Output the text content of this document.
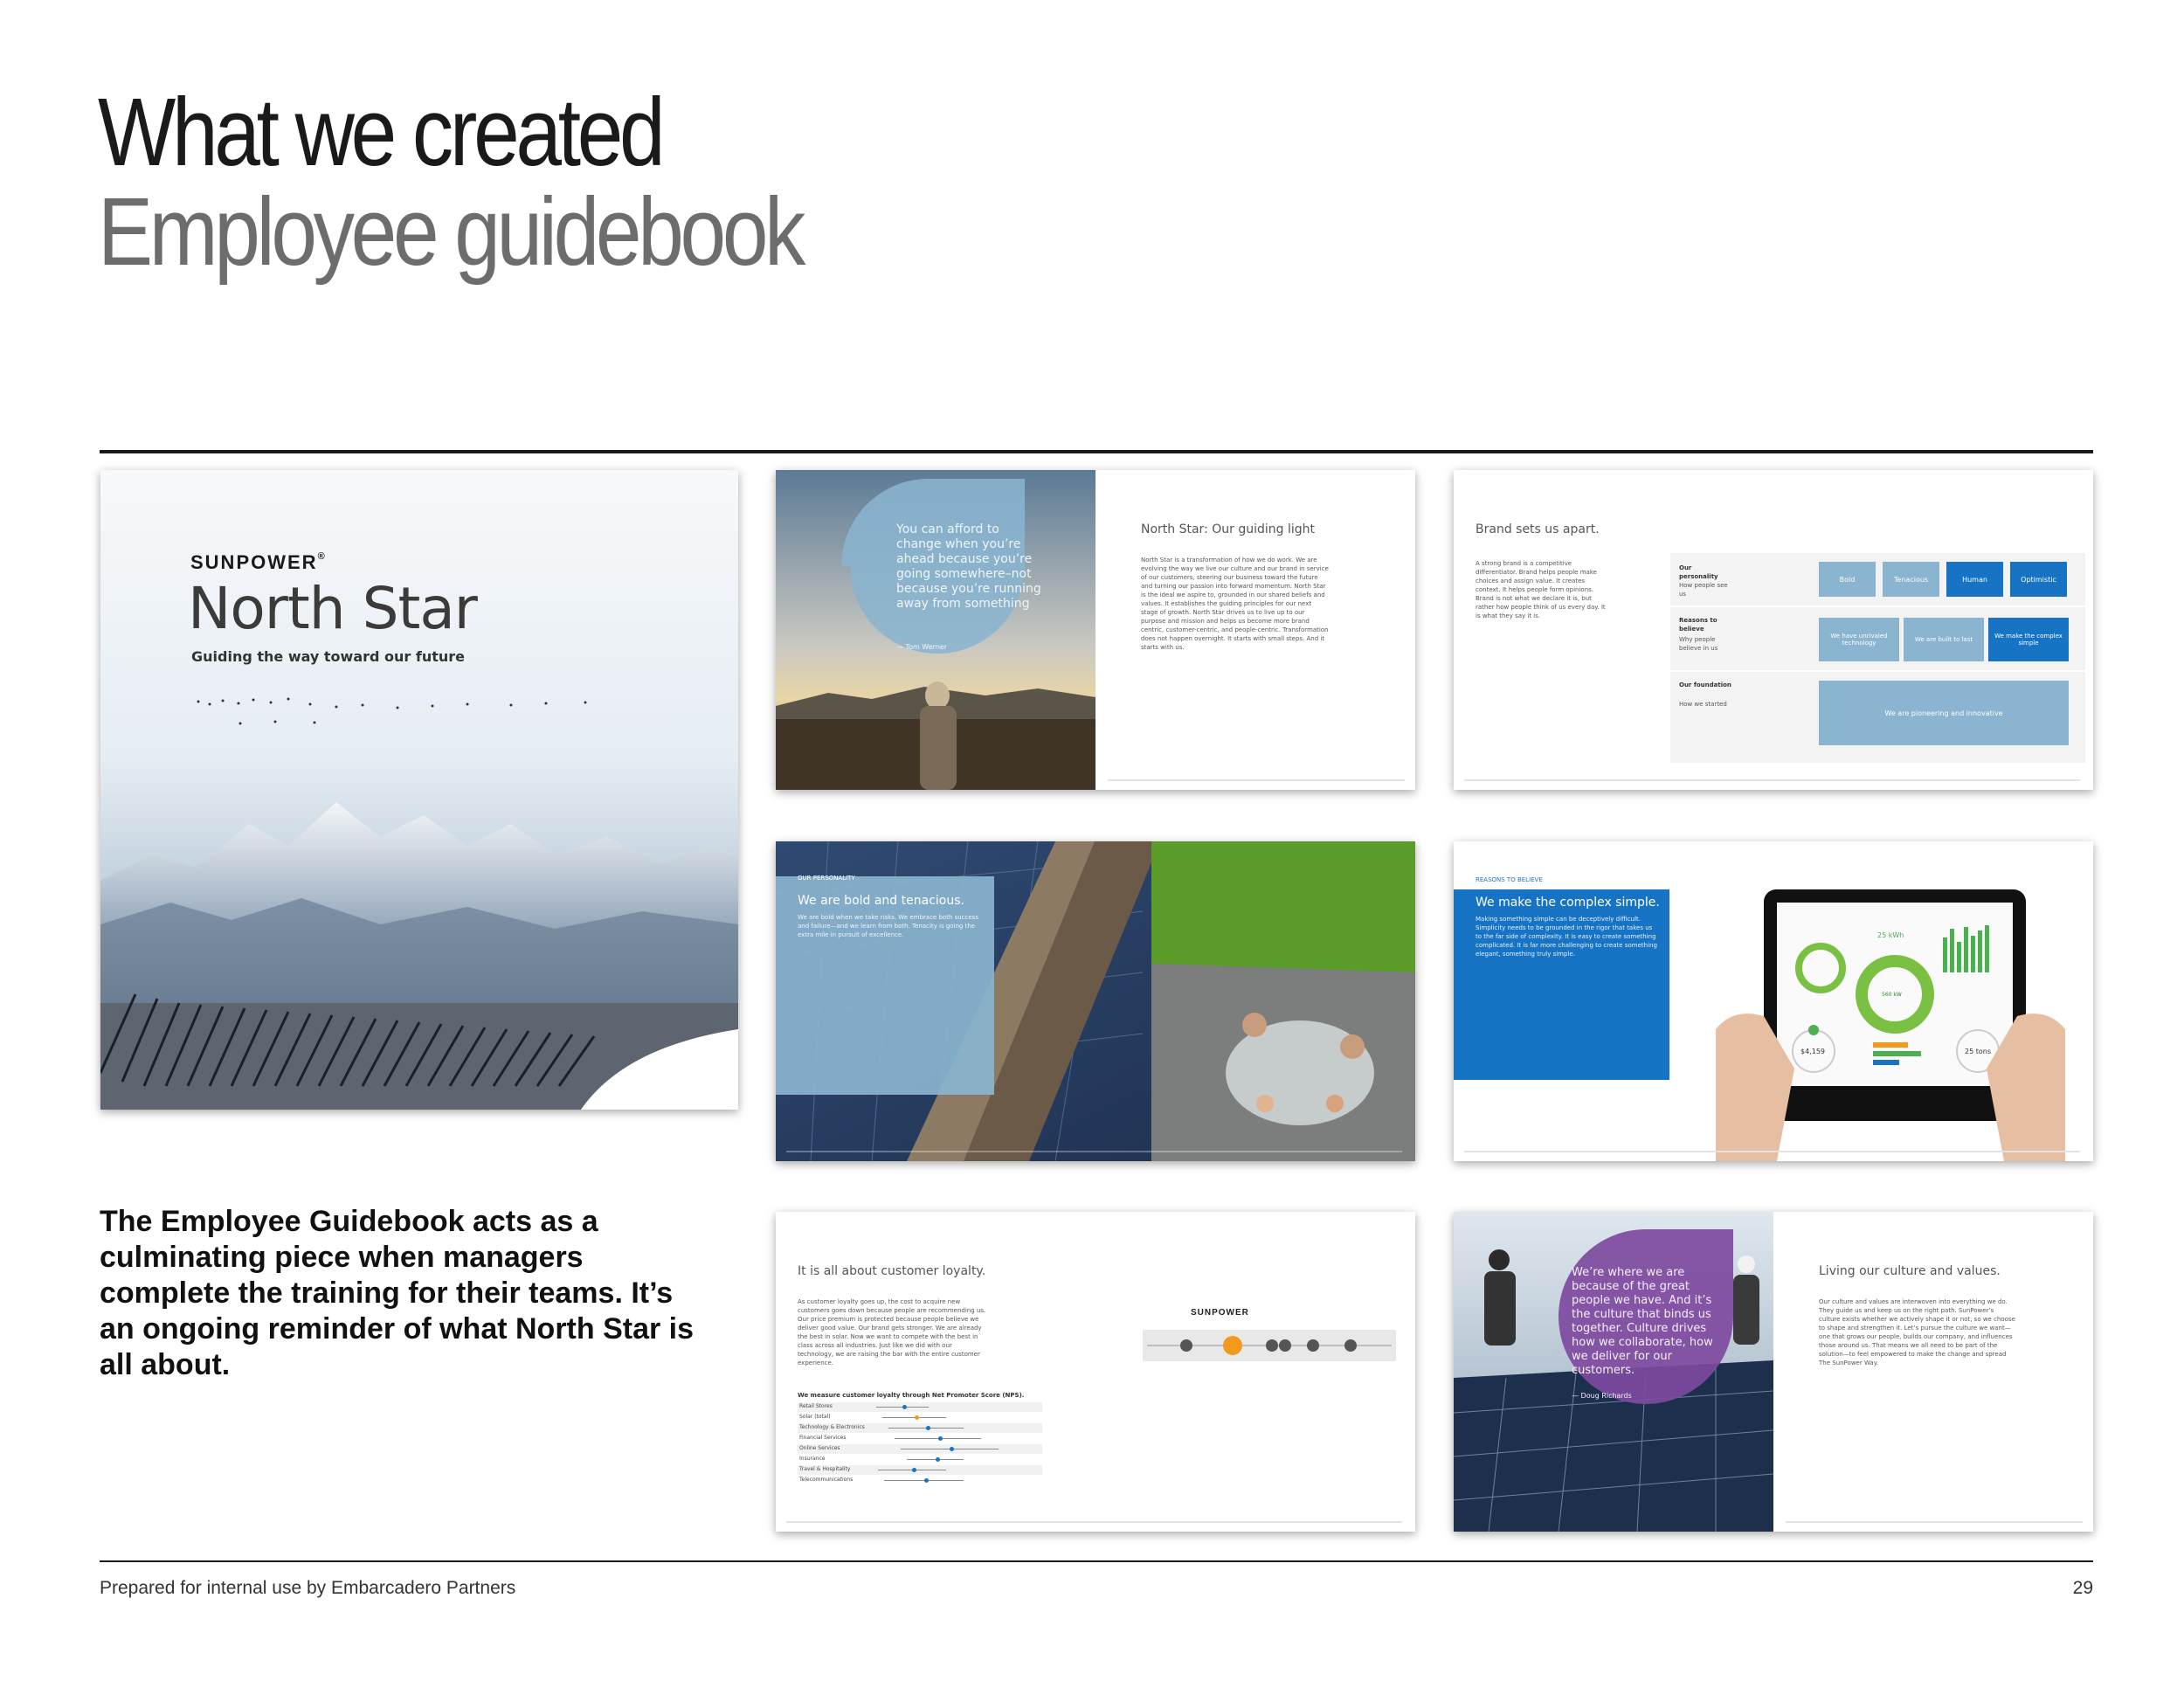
What we created
Employee guidebook
SUNPOWER®
North Star
Guiding the way toward our future
You can afford to change when you’re ahead because you’re going somewhere–not because you’re running away from something
— Tom Werner
North Star: Our guiding light
North Star is a transformation of how we do work. We are evolving the way we live our culture and our brand in service of our customers, steering our business toward the future and turning our passion into forward momentum. North Star is the ideal we aspire to, grounded in our shared beliefs and values. It establishes the guiding principles for our next stage of growth. North Star drives us to live up to our purpose and mission and helps us become more brand centric, customer-centric, and people-centric. Transformation does not happen overnight. It starts with small steps. And it starts with us.
Brand sets us apart.
A strong brand is a competitive differentiator. Brand helps people make choices and assign value. It creates context. It helps people form opinions. Brand is not what we declare it is, but rather how people think of us every day. It is what they say it is.
Our personality
How people see us
Bold	Tenacious	Human	Optimistic
Reasons to believe
Why people believe in us
We have unrivaled technology	We are built to last	We make the complex simple
Our foundation
How we started
We are pioneering and innovative
OUR PERSONALITY
We are bold and tenacious.
We are bold when we take risks. We embrace both success and failure—and we learn from both. Tenacity is going the extra mile in pursuit of excellence.
REASONS TO BELIEVE
We make the complex simple.
Making something simple can be deceptively difficult. Simplicity needs to be grounded in the rigor that takes us to the far side of complexity. It is easy to create something complicated. It is far more challenging to create something elegant, something truly simple.
25 kWh
560 kW
$4,159	25 tons
It is all about customer loyalty.
As customer loyalty goes up, the cost to acquire new customers goes down because people are recommending us. Our price premium is protected because people believe we deliver good value. Our brand gets stronger. We are already the best in solar. Now we want to compete with the best in class across all industries. Just like we did with our technology, we are raising the bar with the entire customer experience.
We measure customer loyalty through Net Promoter Score (NPS).
Retail Stores
Solar (total)
Technology & Electronics
Financial Services
Online Services
Insurance
Travel & Hospitality
Telecommunications
SUNPOWER
We’re where we are because of the great people we have. And it’s the culture that binds us together. Culture drives how we collaborate, how we deliver for our customers.
— Doug Richards
Living our culture and values.
Our culture and values are interwoven into everything we do. They guide us and keep us on the right path. SunPower’s culture exists whether we actively shape it or not, so we choose to shape and strengthen it. Let’s pursue the culture we want—one that grows our people, builds our company, and influences those around us. That means we all need to be part of the solution—to feel empowered to make the change and spread The SunPower Way.
The Employee Guidebook acts as a culminating piece when managers complete the training for their teams. It’s an ongoing reminder of what North Star is all about.
Prepared for internal use by Embarcadero Partners	29
